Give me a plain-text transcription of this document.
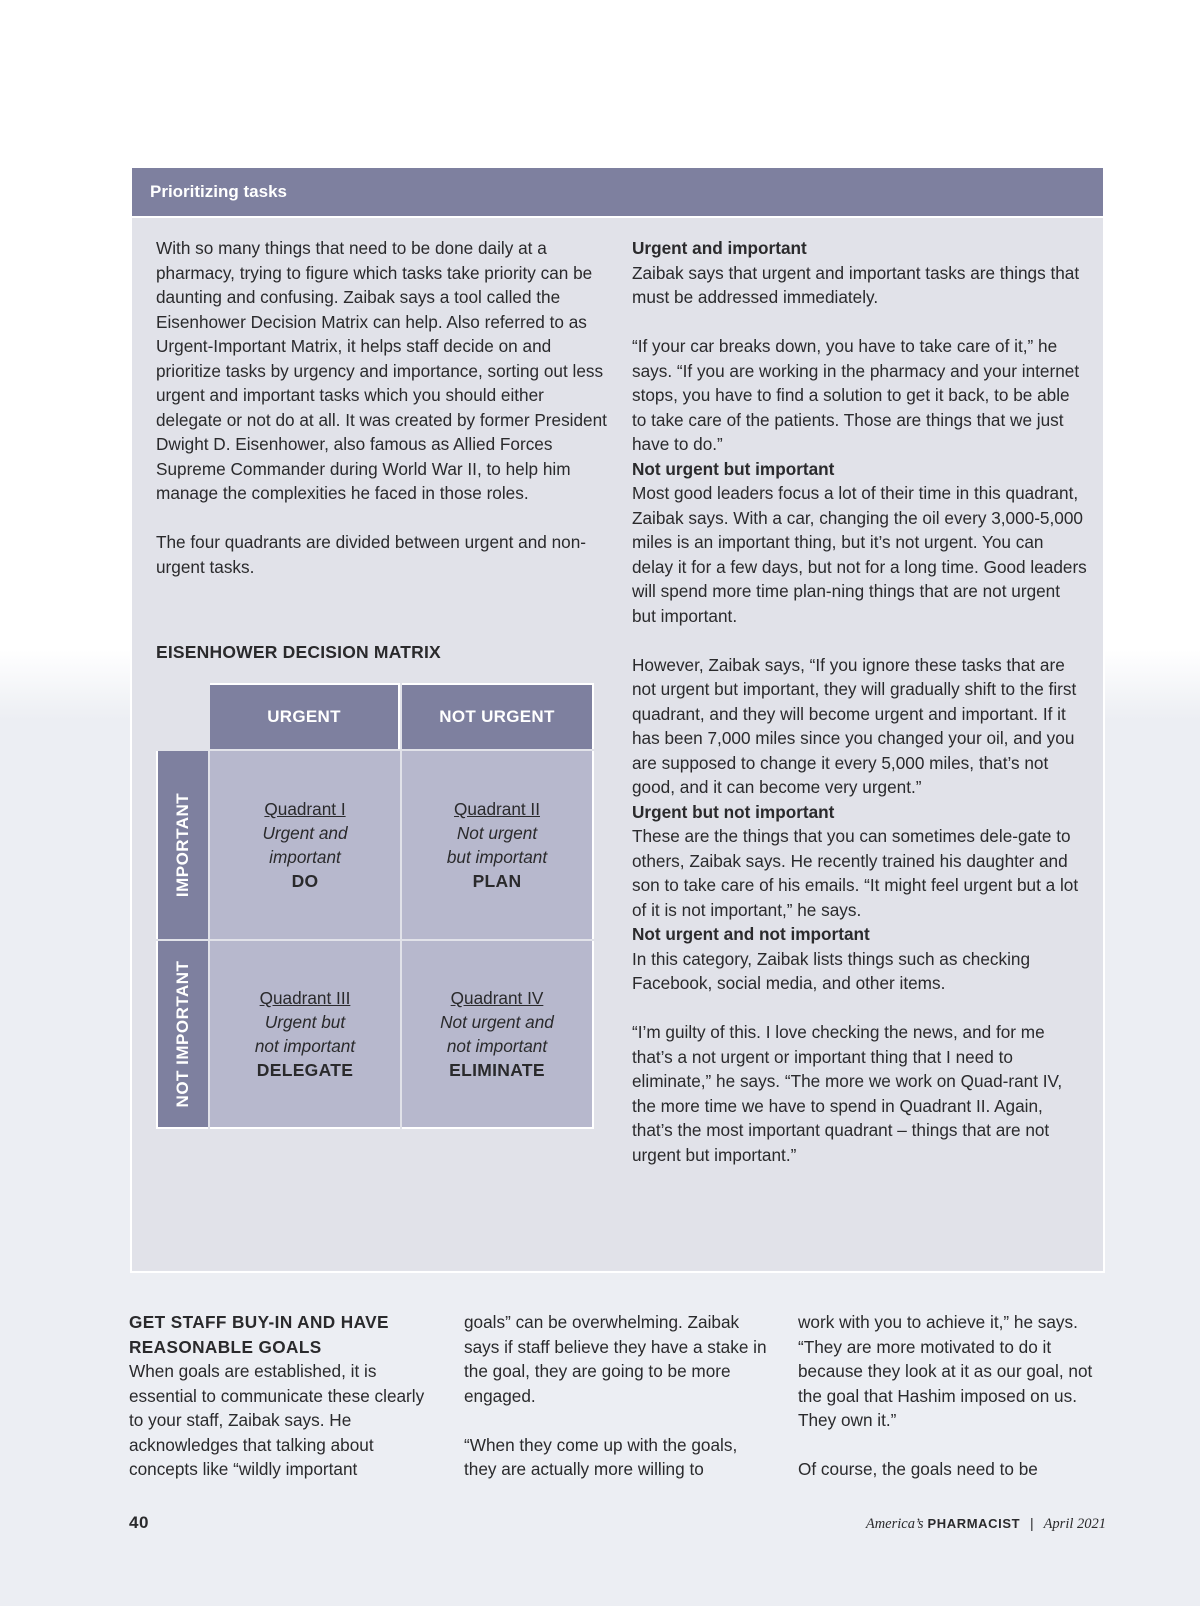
Prioritizing tasks

With so many things that need to be done daily at a pharmacy, trying to figure which tasks take priority can be daunting and confusing. Zaibak says a tool called the Eisenhower Decision Matrix can help. Also referred to as Urgent-Important Matrix, it helps staff decide on and prioritize tasks by urgency and importance, sorting out less urgent and important tasks which you should either delegate or not do at all. It was created by former President Dwight D. Eisenhower, also famous as Allied Forces Supreme Commander during World War II, to help him manage the complexities he faced in those roles.

The four quadrants are divided between urgent and non-urgent tasks.

EISENHOWER DECISION MATRIX
URGENT	NOT URGENT
IMPORTANT
NOT IMPORTANT
Quadrant I
Urgent and
important
DO
Quadrant II
Not urgent
but important
PLAN
Quadrant III
Urgent but
not important
DELEGATE
Quadrant IV
Not urgent and
not important
ELIMINATE

Urgent and important

Zaibak says that urgent and important tasks are things that must be addressed immediately.

“If your car breaks down, you have to take care of it,” he says. “If you are working in the pharmacy and your internet stops, you have to find a solution to get it back, to be able to take care of the patients. Those are things that we just have to do.”

Not urgent but important

Most good leaders focus a lot of their time in this quadrant, Zaibak says. With a car, changing the oil every 3,000-5,000 miles is an important thing, but it’s not urgent. You can delay it for a few days, but not for a long time. Good leaders will spend more time plan-ning things that are not urgent but important.

However, Zaibak says, “If you ignore these tasks that are not urgent but important, they will gradually shift to the first quadrant, and they will become urgent and important. If it has been 7,000 miles since you changed your oil, and you are supposed to change it every 5,000 miles, that’s not good, and it can become very urgent.”

Urgent but not important

These are the things that you can sometimes dele-gate to others, Zaibak says. He recently trained his daughter and son to take care of his emails. “It might feel urgent but a lot of it is not important,” he says.

Not urgent and not important

In this category, Zaibak lists things such as checking Facebook, social media, and other items.

“I’m guilty of this. I love checking the news, and for me that’s a not urgent or important thing that I need to eliminate,” he says. “The more we work on Quad-rant IV, the more time we have to spend in Quadrant II. Again, that’s the most important quadrant – things that are not urgent but important.”

GET STAFF BUY-IN AND HAVE

REASONABLE GOALS

When goals are established, it is essential to communicate these clearly to your staff, Zaibak says. He acknowledges that talking about concepts like “wildly important

goals” can be overwhelming. Zaibak says if staff believe they have a stake in the goal, they are going to be more engaged.

“When they come up with the goals, they are actually more willing to

work with you to achieve it,” he says. “They are more motivated to do it because they look at it as our goal, not the goal that Hashim imposed on us. They own it.”

Of course, the goals need to be

40	America’s PHARMACIST | April 2021
